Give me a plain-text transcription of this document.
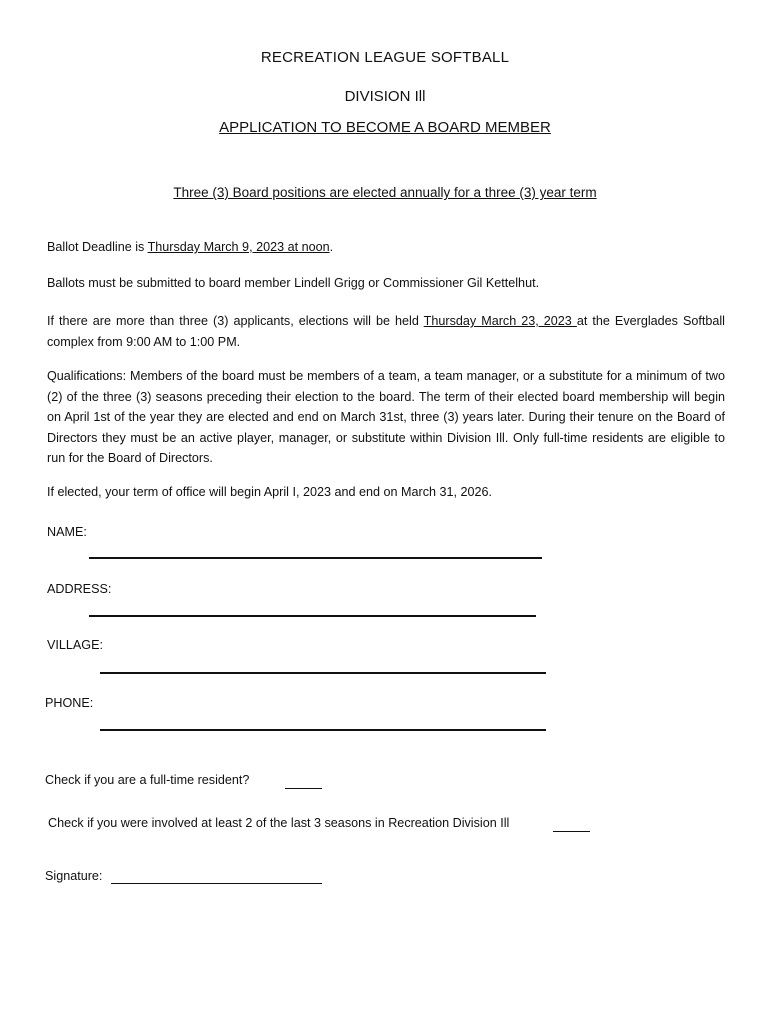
RECREATION LEAGUE SOFTBALL
DIVISION Ill
APPLICATION TO BECOME A BOARD MEMBER
Three (3) Board positions are elected annually for a three (3) year term
Ballot Deadline is Thursday March 9, 2023 at noon.
Ballots must be submitted to board member Lindell Grigg or Commissioner Gil Kettelhut.
If there are more than three (3) applicants, elections will be held Thursday March 23, 2023 at the Everglades Softball complex from 9:00 AM to 1:00 PM.
Qualifications: Members of the board must be members of a team, a team manager, or a substitute for a minimum of two (2) of the three (3) seasons preceding their election to the board. The term of their elected board membership will begin on April 1st of the year they are elected and end on March 31st, three (3) years later. During their tenure on the Board of Directors they must be an active player, manager, or substitute within Division Ill. Only full-time residents are eligible to run for the Board of Directors.
If elected, your term of office will begin April I, 2023 and end on March 31, 2026.
NAME:
ADDRESS:
VILLAGE:
PHONE:
Check if you are a full-time resident?
Check if you were involved at least 2 of the last 3 seasons in Recreation Division Ill
Signature:
